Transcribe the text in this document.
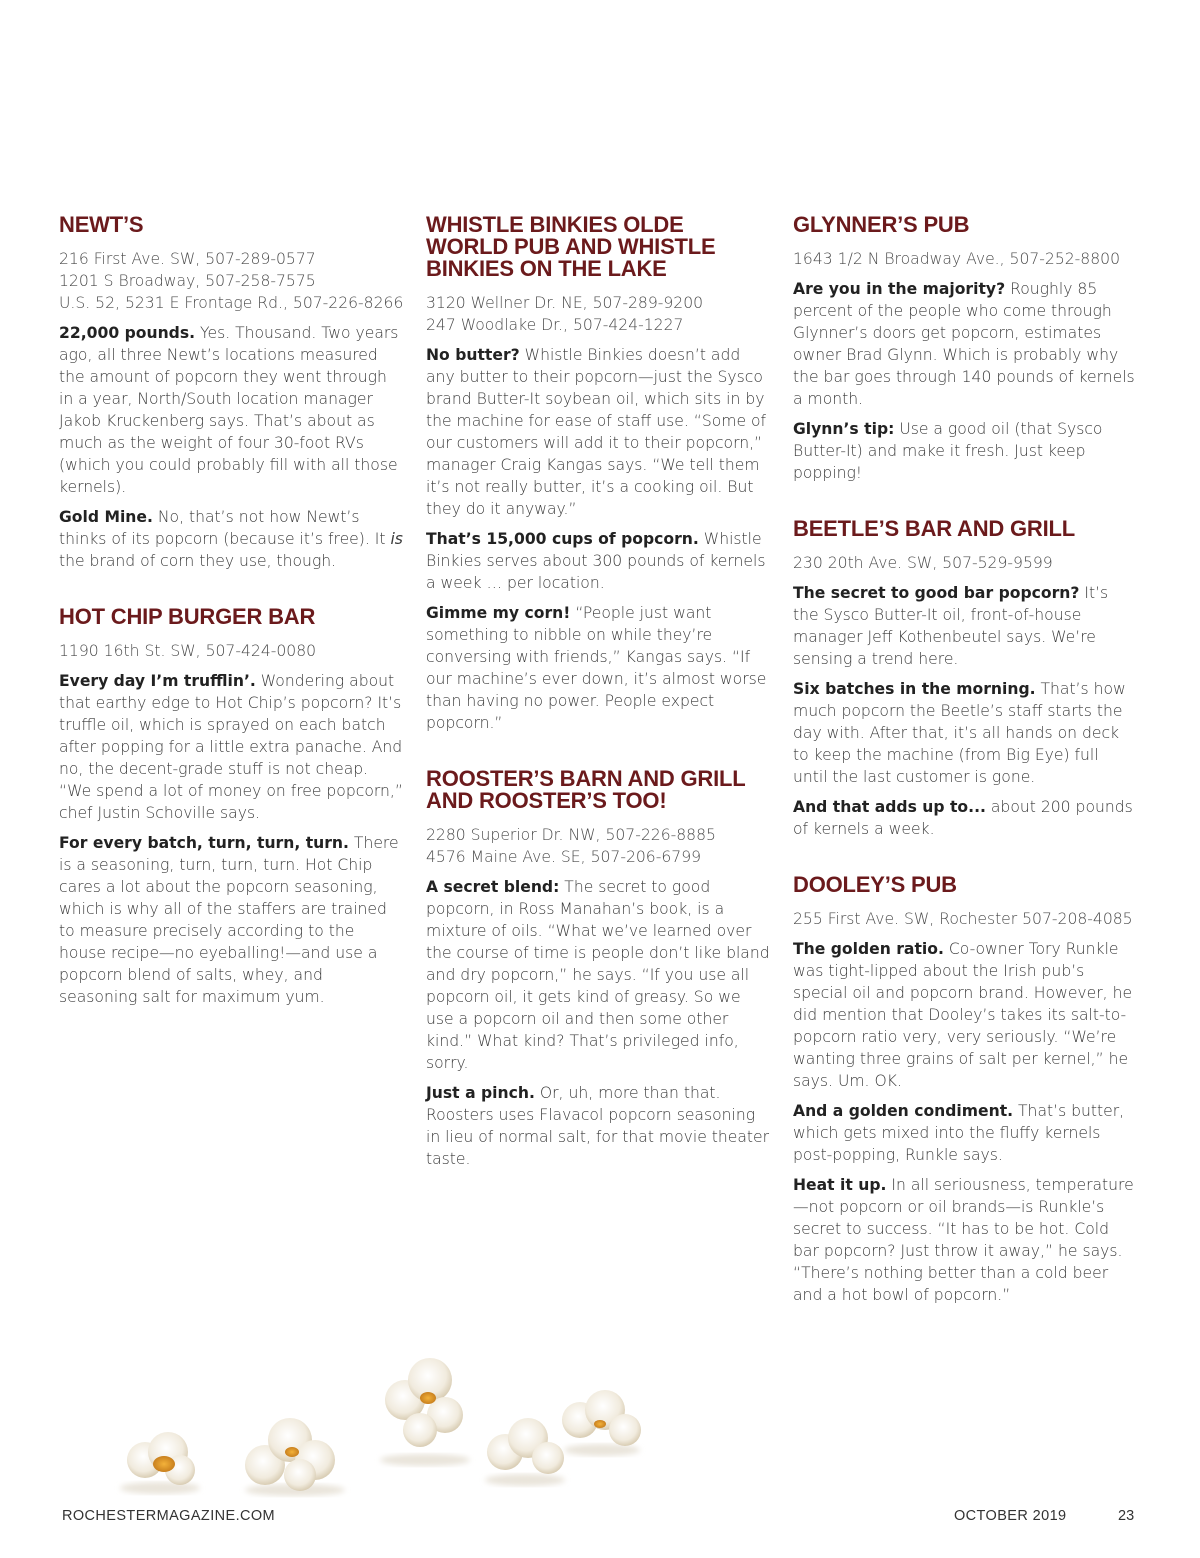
NEWT’S
216 First Ave. SW, 507-289-0577
1201 S Broadway, 507-258-7575
U.S. 52, 5231 E Frontage Rd., 507-226-8266

22,000 pounds. Yes. Thousand. Two years ago, all three Newt’s locations measured the amount of popcorn they went through in a year, North/South location manager Jakob Kruckenberg says. That’s about as much as the weight of four 30-foot RVs (which you could probably fill with all those kernels).

Gold Mine. No, that’s not how Newt’s thinks of its popcorn (because it’s free). It is the brand of corn they use, though.

HOT CHIP BURGER BAR
1190 16th St. SW, 507-424-0080

Every day I’m trufflin’. Wondering about that earthy edge to Hot Chip’s popcorn? It’s truffle oil, which is sprayed on each batch after popping for a little extra panache. And no, the decent-grade stuff is not cheap. “We spend a lot of money on free popcorn,” chef Justin Schoville says.

For every batch, turn, turn, turn. There is a seasoning, turn, turn, turn. Hot Chip cares a lot about the popcorn seasoning, which is why all of the staffers are trained to measure precisely according to the house recipe—no eyeballing!—and use a popcorn blend of salts, whey, and seasoning salt for maximum yum.

WHISTLE BINKIES OLDE WORLD PUB AND WHISTLE BINKIES ON THE LAKE
3120 Wellner Dr. NE, 507-289-9200
247 Woodlake Dr., 507-424-1227

No butter? Whistle Binkies doesn’t add any butter to their popcorn—just the Sysco brand Butter-It soybean oil, which sits in by the machine for ease of staff use. “Some of our customers will add it to their popcorn,” manager Craig Kangas says. “We tell them it’s not really butter, it’s a cooking oil. But they do it anyway.”

That’s 15,000 cups of popcorn. Whistle Binkies serves about 300 pounds of kernels a week … per location.

Gimme my corn! “People just want something to nibble on while they’re conversing with friends,” Kangas says. “If our machine’s ever down, it’s almost worse than having no power. People expect popcorn.”

ROOSTER’S BARN AND GRILL AND ROOSTER’S TOO!
2280 Superior Dr. NW, 507-226-8885
4576 Maine Ave. SE, 507-206-6799

A secret blend: The secret to good popcorn, in Ross Manahan’s book, is a mixture of oils. “What we’ve learned over the course of time is people don’t like bland and dry popcorn,” he says. “If you use all popcorn oil, it gets kind of greasy. So we use a popcorn oil and then some other kind.” What kind? That’s privileged info, sorry.

Just a pinch. Or, uh, more than that. Roosters uses Flavacol popcorn seasoning in lieu of normal salt, for that movie theater taste.

GLYNNER’S PUB
1643 1/2 N Broadway Ave., 507-252-8800

Are you in the majority? Roughly 85 percent of the people who come through Glynner’s doors get popcorn, estimates owner Brad Glynn. Which is probably why the bar goes through 140 pounds of kernels a month.

Glynn’s tip: Use a good oil (that Sysco Butter-It) and make it fresh. Just keep popping!

BEETLE’S BAR AND GRILL
230 20th Ave. SW, 507-529-9599

The secret to good bar popcorn? It’s the Sysco Butter-It oil, front-of-house manager Jeff Kothenbeutel says. We’re sensing a trend here.

Six batches in the morning. That’s how much popcorn the Beetle’s staff starts the day with. After that, it’s all hands on deck to keep the machine (from Big Eye) full until the last customer is gone.

And that adds up to... about 200 pounds of kernels a week.

DOOLEY’S PUB
255 First Ave. SW, Rochester 507-208-4085

The golden ratio. Co-owner Tory Runkle was tight-lipped about the Irish pub’s special oil and popcorn brand. However, he did mention that Dooley’s takes its salt-to-popcorn ratio very, very seriously. “We’re wanting three grains of salt per kernel,” he says. Um. OK.

And a golden condiment. That’s butter, which gets mixed into the fluffy kernels post-popping, Runkle says.

Heat it up. In all seriousness, temperature—not popcorn or oil brands—is Runkle’s secret to success. “It has to be hot. Cold bar popcorn? Just throw it away,” he says. “There’s nothing better than a cold beer and a hot bowl of popcorn.”

ROCHESTERMAGAZINE.COM	OCTOBER 2019	23
